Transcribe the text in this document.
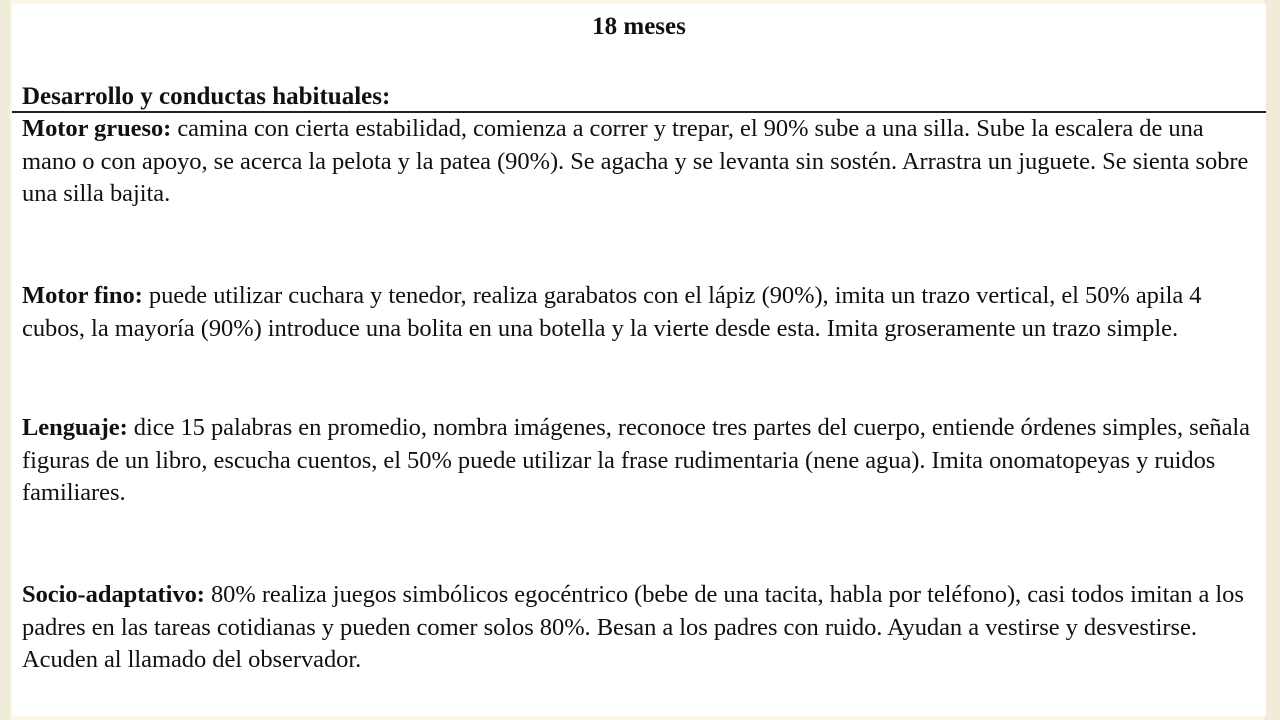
18 meses
Desarrollo y conductas habituales:

Motor grueso: camina con cierta estabilidad, comienza a correr y trepar, el 90% sube a una silla. Sube la escalera de una mano o con apoyo, se acerca la pelota y la patea (90%). Se agacha y se levanta sin sostén. Arrastra un juguete. Se sienta sobre una silla bajita.

Motor fino: puede utilizar cuchara y tenedor, realiza garabatos con el lápiz (90%), imita un trazo vertical, el 50% apila 4 cubos, la mayoría (90%) introduce una bolita en una botella y la vierte desde esta. Imita groseramente un trazo simple.

Lenguaje: dice 15 palabras en promedio, nombra imágenes, reconoce tres partes del cuerpo, entiende órdenes simples, señala figuras de un libro, escucha cuentos, el 50% puede utilizar la frase rudimentaria (nene agua). Imita onomatopeyas y ruidos familiares.

Socio-adaptativo: 80% realiza juegos simbólicos egocéntrico (bebe de una tacita, habla por teléfono), casi todos imitan a los padres en las tareas cotidianas y pueden comer solos 80%. Besan a los padres con ruido. Ayudan a vestirse y desvestirse. Acuden al llamado del observador.
